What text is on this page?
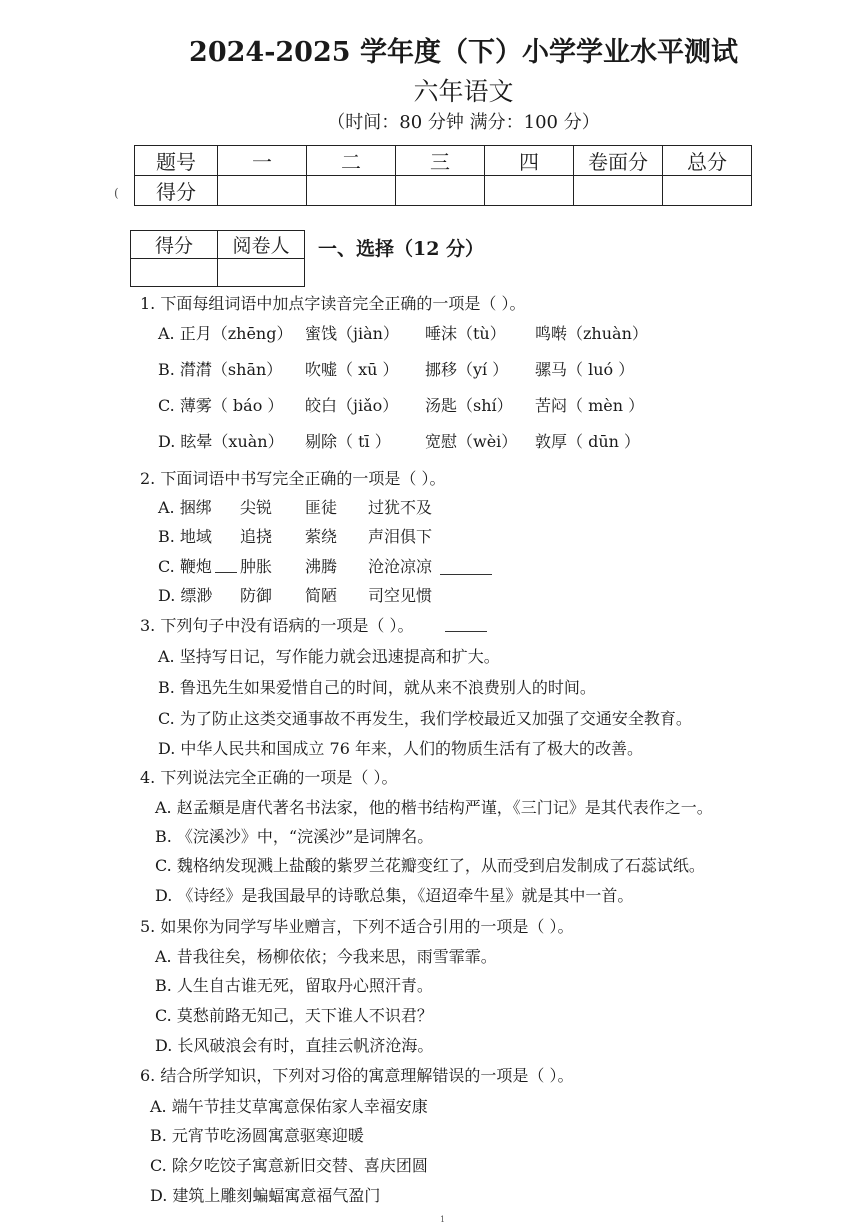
2024-2025 学年度（下）小学学业水平测试
六年语文
（时间：80 分钟 满分：100 分）
(
题号	一	二	三	四	卷面分	总分
得分						
得分	阅卷人
	一、选择（12 分）
1. 下面每组词语中加点字读音完全正确的一项是（ ）。
A. 正月（zhēng） 蜜饯（jiàn） 唾沫（tù） 鸣啭（zhuàn）
B. 潸潸（shān） 吹嘘（ xū ） 挪移（yí ） 骡马（ luó ）
C. 薄雾（ báo ） 皎白（jiǎo） 汤匙（shí） 苦闷（ mèn ）
D. 眩晕（xuàn） 剔除（ tī ） 宽慰（wèi） 敦厚（ dūn ）
2. 下面词语中书写完全正确的一项是（ ）。
A. 捆绑 尖锐 匪徒 过犹不及
B. 地域 追挠 萦绕 声泪俱下
C. 鞭炮 肿胀 沸腾 沧沧凉凉
D. 缥渺 防御 简陋 司空见惯
3. 下列句子中没有语病的一项是（ ）。
A. 坚持写日记，写作能力就会迅速提高和扩大。
B. 鲁迅先生如果爱惜自己的时间，就从来不浪费别人的时间。
C. 为了防止这类交通事故不再发生，我们学校最近又加强了交通安全教育。
D. 中华人民共和国成立 76 年来，人们的物质生活有了极大的改善。
4. 下列说法完全正确的一项是（ ）。
A. 赵孟頫是唐代著名书法家，他的楷书结构严谨，《三门记》是其代表作之一。
B. 《浣溪沙》中，“浣溪沙”是词牌名。
C. 魏格纳发现溅上盐酸的紫罗兰花瓣变红了，从而受到启发制成了石蕊试纸。
D. 《诗经》是我国最早的诗歌总集，《迢迢牵牛星》就是其中一首。
5. 如果你为同学写毕业赠言，下列不适合引用的一项是（ ）。
A. 昔我往矣，杨柳依依；今我来思，雨雪霏霏。
B. 人生自古谁无死，留取丹心照汗青。
C. 莫愁前路无知己，天下谁人不识君？
D. 长风破浪会有时，直挂云帆济沧海。
6. 结合所学知识，下列对习俗的寓意理解错误的一项是（ ）。
A. 端午节挂艾草寓意保佑家人幸福安康
B. 元宵节吃汤圆寓意驱寒迎暖
C. 除夕吃饺子寓意新旧交替、喜庆团圆
D. 建筑上雕刻蝙蝠寓意福气盈门
1
